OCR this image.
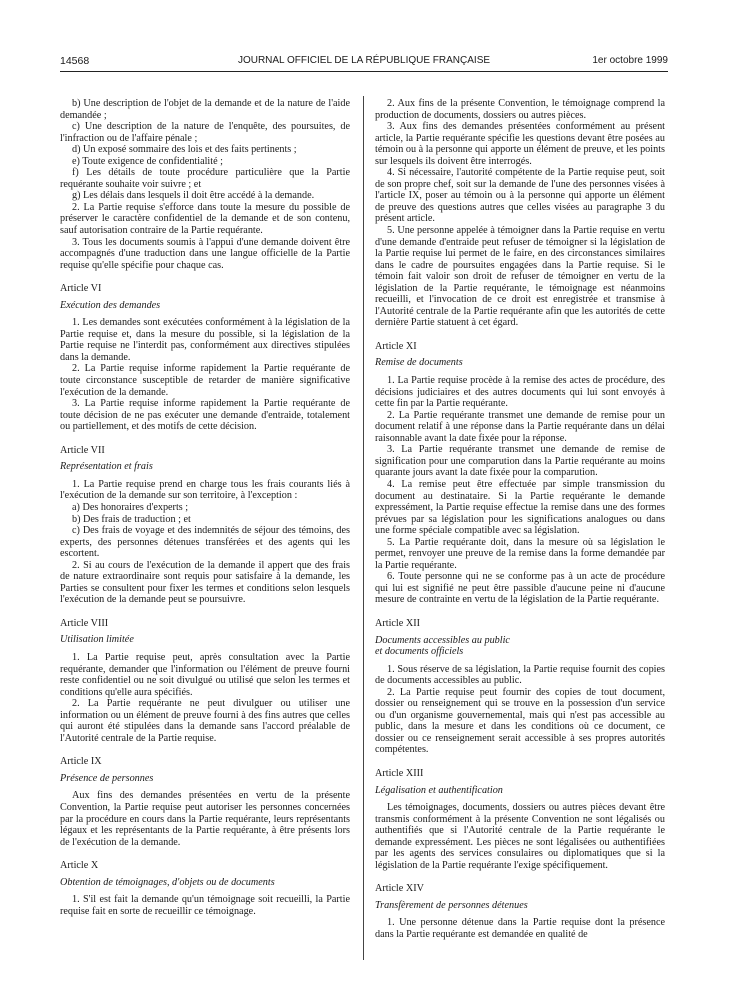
14568	JOURNAL OFFICIEL DE LA RÉPUBLIQUE FRANÇAISE	1er octobre 1999

b) Une description de l'objet de la demande et de la nature de l'aide demandée ;

c) Une description de la nature de l'enquête, des poursuites, de l'infraction ou de l'affaire pénale ;

d) Un exposé sommaire des lois et des faits pertinents ;

e) Toute exigence de confidentialité ;

f) Les détails de toute procédure particulière que la Partie requérante souhaite voir suivre ; et

g) Les délais dans lesquels il doit être accédé à la demande.

2. La Partie requise s'efforce dans toute la mesure du possible de préserver le caractère confidentiel de la demande et de son contenu, sauf autorisation contraire de la Partie requérante.

3. Tous les documents soumis à l'appui d'une demande doivent être accompagnés d'une traduction dans une langue officielle de la Partie requise qu'elle spécifie pour chaque cas.

Article VI

Exécution des demandes

1. Les demandes sont exécutées conformément à la législation de la Partie requise et, dans la mesure du possible, si la législation de la Partie requise ne l'interdit pas, conformément aux directives stipulées dans la demande.

2. La Partie requise informe rapidement la Partie requérante de toute circonstance susceptible de retarder de manière significative l'exécution de la demande.

3. La Partie requise informe rapidement la Partie requérante de toute décision de ne pas exécuter une demande d'entraide, totalement ou partiellement, et des motifs de cette décision.

Article VII

Représentation et frais

1. La Partie requise prend en charge tous les frais courants liés à l'exécution de la demande sur son territoire, à l'exception :

a) Des honoraires d'experts ;

b) Des frais de traduction ; et

c) Des frais de voyage et des indemnités de séjour des témoins, des experts, des personnes détenues transférées et des agents qui les escortent.

2. Si au cours de l'exécution de la demande il appert que des frais de nature extraordinaire sont requis pour satisfaire à la demande, les Parties se consultent pour fixer les termes et conditions selon lesquels l'exécution de la demande peut se poursuivre.

Article VIII

Utilisation limitée

1. La Partie requise peut, après consultation avec la Partie requérante, demander que l'information ou l'élément de preuve fourni reste confidentiel ou ne soit divulgué ou utilisé que selon les termes et conditions qu'elle aura spécifiés.

2. La Partie requérante ne peut divulguer ou utiliser une information ou un élément de preuve fourni à des fins autres que celles qui auront été stipulées dans la demande sans l'accord préalable de l'Autorité centrale de la Partie requise.

Article IX

Présence de personnes

Aux fins des demandes présentées en vertu de la présente Convention, la Partie requise peut autoriser les personnes concernées par la procédure en cours dans la Partie requérante, leurs représentants légaux et les représentants de la Partie requérante, à être présents lors de l'exécution de la demande.

Article X

Obtention de témoignages, d'objets ou de documents

1. S'il est fait la demande qu'un témoignage soit recueilli, la Partie requise fait en sorte de recueillir ce témoignage.

2. Aux fins de la présente Convention, le témoignage comprend la production de documents, dossiers ou autres pièces.

3. Aux fins des demandes présentées conformément au présent article, la Partie requérante spécifie les questions devant être posées au témoin ou à la personne qui apporte un élément de preuve, et les points sur lesquels ils doivent être interrogés.

4. Si nécessaire, l'autorité compétente de la Partie requise peut, soit de son propre chef, soit sur la demande de l'une des personnes visées à l'article IX, poser au témoin ou à la personne qui apporte un élément de preuve des questions autres que celles visées au paragraphe 3 du présent article.

5. Une personne appelée à témoigner dans la Partie requise en vertu d'une demande d'entraide peut refuser de témoigner si la législation de la Partie requise lui permet de le faire, en des circonstances similaires dans le cadre de poursuites engagées dans la Partie requise. Si le témoin fait valoir son droit de refuser de témoigner en vertu de la législation de la Partie requérante, le témoignage est néanmoins recueilli, et l'invocation de ce droit est enregistrée et transmise à l'Autorité centrale de la Partie requérante afin que les autorités de cette dernière Partie statuent à cet égard.

Article XI

Remise de documents

1. La Partie requise procède à la remise des actes de procédure, des décisions judiciaires et des autres documents qui lui sont envoyés à cette fin par la Partie requérante.

2. La Partie requérante transmet une demande de remise pour un document relatif à une réponse dans la Partie requérante dans un délai raisonnable avant la date fixée pour la réponse.

3. La Partie requérante transmet une demande de remise de signification pour une comparution dans la Partie requérante au moins quarante jours avant la date fixée pour la comparution.

4. La remise peut être effectuée par simple transmission du document au destinataire. Si la Partie requérante le demande expressément, la Partie requise effectue la remise dans une des formes prévues par sa législation pour les significations analogues ou dans une forme spéciale compatible avec sa législation.

5. La Partie requérante doit, dans la mesure où sa législation le permet, renvoyer une preuve de la remise dans la forme demandée par la Partie requérante.

6. Toute personne qui ne se conforme pas à un acte de procédure qui lui est signifié ne peut être passible d'aucune peine ni d'aucune mesure de contrainte en vertu de la législation de la Partie requérante.

Article XII

Documents accessibles au public

et documents officiels

1. Sous réserve de sa législation, la Partie requise fournit des copies de documents accessibles au public.

2. La Partie requise peut fournir des copies de tout document, dossier ou renseignement qui se trouve en la possession d'un service ou d'un organisme gouvernemental, mais qui n'est pas accessible au public, dans la mesure et dans les conditions où ce document, ce dossier ou ce renseignement serait accessible à ses propres autorités compétentes.

Article XIII

Légalisation et authentification

Les témoignages, documents, dossiers ou autres pièces devant être transmis conformément à la présente Convention ne sont légalisés ou authentifiés que si l'Autorité centrale de la Partie requérante le demande expressément. Les pièces ne sont légalisées ou authentifiées par les agents des services consulaires ou diplomatiques que si la législation de la Partie requérante l'exige spécifiquement.

Article XIV

Transfèrement de personnes détenues

1. Une personne détenue dans la Partie requise dont la présence dans la Partie requérante est demandée en qualité de
